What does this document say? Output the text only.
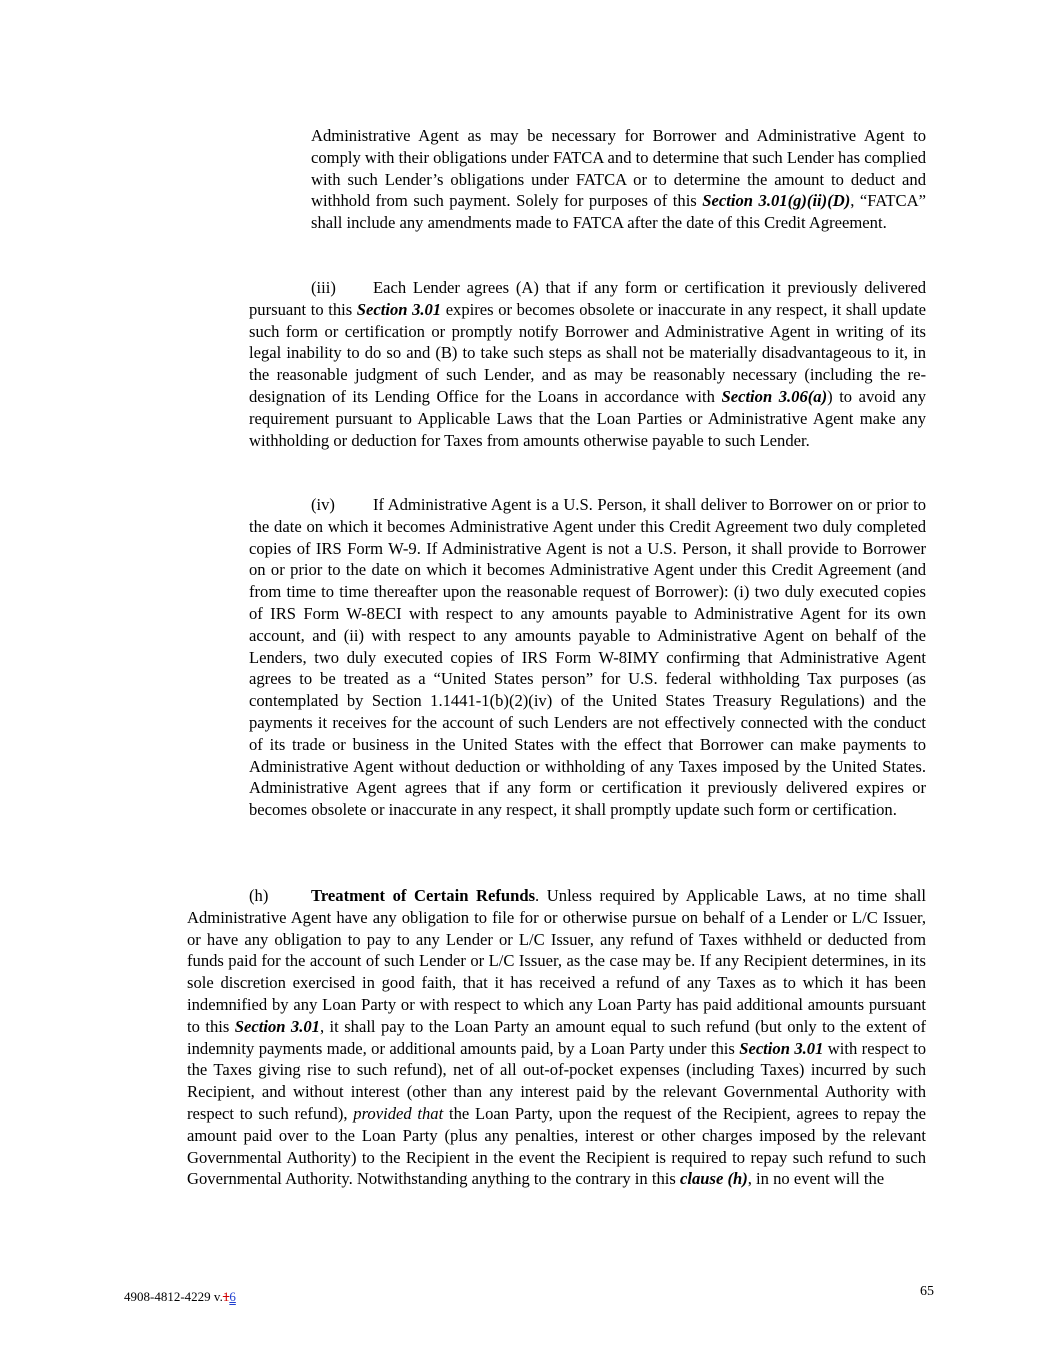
Administrative Agent as may be necessary for Borrower and Administrative Agent to comply with their obligations under FATCA and to determine that such Lender has complied with such Lender’s obligations under FATCA or to determine the amount to deduct and withhold from such payment. Solely for purposes of this Section 3.01(g)(ii)(D), “FATCA” shall include any amendments made to FATCA after the date of this Credit Agreement.

(iii) Each Lender agrees (A) that if any form or certification it previously delivered pursuant to this Section 3.01 expires or becomes obsolete or inaccurate in any respect, it shall update such form or certification or promptly notify Borrower and Administrative Agent in writing of its legal inability to do so and (B) to take such steps as shall not be materially disadvantageous to it, in the reasonable judgment of such Lender, and as may be reasonably necessary (including the re-designation of its Lending Office for the Loans in accordance with Section 3.06(a)) to avoid any requirement pursuant to Applicable Laws that the Loan Parties or Administrative Agent make any withholding or deduction for Taxes from amounts otherwise payable to such Lender.

(iv) If Administrative Agent is a U.S. Person, it shall deliver to Borrower on or prior to the date on which it becomes Administrative Agent under this Credit Agreement two duly completed copies of IRS Form W-9. If Administrative Agent is not a U.S. Person, it shall provide to Borrower on or prior to the date on which it becomes Administrative Agent under this Credit Agreement (and from time to time thereafter upon the reasonable request of Borrower): (i) two duly executed copies of IRS Form W-8ECI with respect to any amounts payable to Administrative Agent for its own account, and (ii) with respect to any amounts payable to Administrative Agent on behalf of the Lenders, two duly executed copies of IRS Form W-8IMY confirming that Administrative Agent agrees to be treated as a “United States person” for U.S. federal withholding Tax purposes (as contemplated by Section 1.1441-1(b)(2)(iv) of the United States Treasury Regulations) and the payments it receives for the account of such Lenders are not effectively connected with the conduct of its trade or business in the United States with the effect that Borrower can make payments to Administrative Agent without deduction or withholding of any Taxes imposed by the United States. Administrative Agent agrees that if any form or certification it previously delivered expires or becomes obsolete or inaccurate in any respect, it shall promptly update such form or certification.

(h)	Treatment of Certain Refunds. Unless required by Applicable Laws, at no time shall Administrative Agent have any obligation to file for or otherwise pursue on behalf of a Lender or L/C Issuer, or have any obligation to pay to any Lender or L/C Issuer, any refund of Taxes withheld or deducted from funds paid for the account of such Lender or L/C Issuer, as the case may be. If any Recipient determines, in its sole discretion exercised in good faith, that it has received a refund of any Taxes as to which it has been indemnified by any Loan Party or with respect to which any Loan Party has paid additional amounts pursuant to this Section 3.01, it shall pay to the Loan Party an amount equal to such refund (but only to the extent of indemnity payments made, or additional amounts paid, by a Loan Party under this Section 3.01 with respect to the Taxes giving rise to such refund), net of all out-of-pocket expenses (including Taxes) incurred by such Recipient, and without interest (other than any interest paid by the relevant Governmental Authority with respect to such refund), provided that the Loan Party, upon the request of the Recipient, agrees to repay the amount paid over to the Loan Party (plus any penalties, interest or other charges imposed by the relevant Governmental Authority) to the Recipient in the event the Recipient is required to repay such refund to such Governmental Authority. Notwithstanding anything to the contrary in this clause (h), in no event will the

4908-4812-4229 v.16	65
